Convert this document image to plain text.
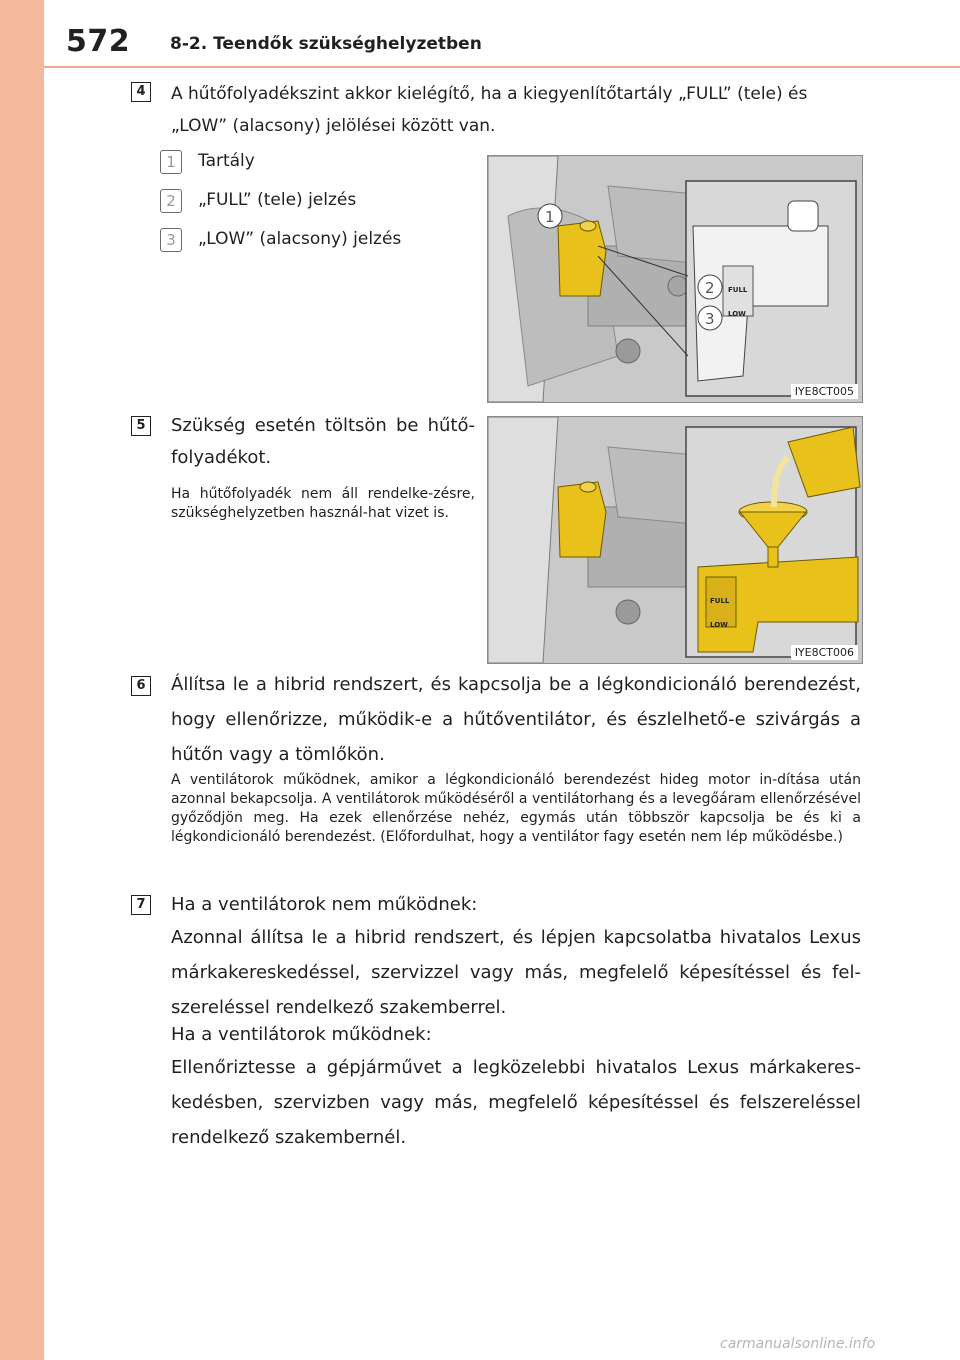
572 8-2. Teendők szükséghelyzetben
4	A hűtőfolyadékszint akkor kielégítő, ha a kiegyenlítőtartály „FULL” (tele) és
„LOW” (alacsony) jelölései között van.
1	Tartály
2	„FULL” (tele) jelzés
3	„LOW” (alacsony) jelzés
FULL
LOW
1
2
3
IYE8CT005
5	Szükség esetén töltsön be hűtő-folyadékot.
Ha hűtőfolyadék nem áll rendelke-zésre, szükséghelyzetben használ-hat vizet is.
FULL
LOW
IYE8CT006
6	Állítsa le a hibrid rendszert, és kapcsolja be a légkondicionáló berendezést, hogy ellenőrizze, működik-e a hűtőventilátor, és észlelhető-e szivárgás a hűtőn vagy a tömlőkön.
A ventilátorok működnek, amikor a légkondicionáló berendezést hideg motor in-dítása után azonnal bekapcsolja. A ventilátorok működéséről a ventilátorhang és a levegőáram ellenőrzésével győződjön meg. Ha ezek ellenőrzése nehéz, egymás után többször kapcsolja be és ki a légkondicionáló berendezést. (Előfordulhat, hogy a ventilátor fagy esetén nem lép működésbe.)
7	Ha a ventilátorok nem működnek:
Azonnal állítsa le a hibrid rendszert, és lépjen kapcsolatba hivatalos Lexus márkakereskedéssel, szervizzel vagy más, megfelelő képesítéssel és fel-szereléssel rendelkező szakemberrel.
Ha a ventilátorok működnek:
Ellenőriztesse a gépjárművet a legközelebbi hivatalos Lexus márkakeres-kedésben, szervizben vagy más, megfelelő képesítéssel és felszereléssel rendelkező szakembernél.
carmanualsonline.info
